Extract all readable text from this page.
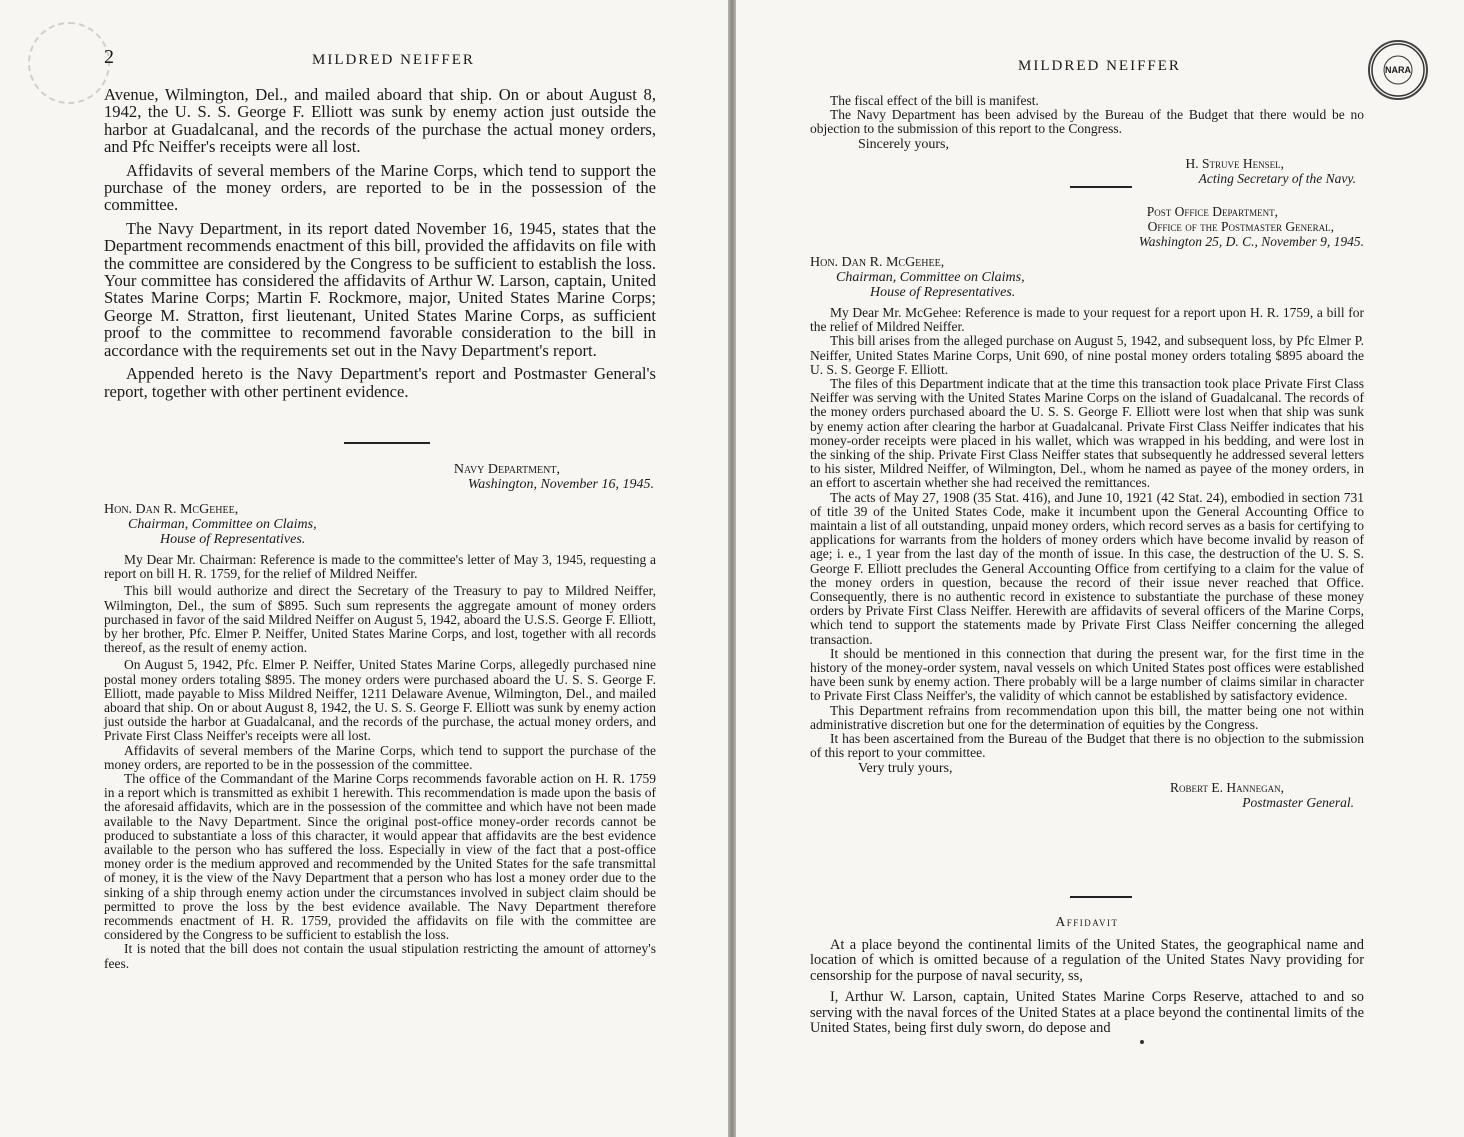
2	MILDRED NEIFFER

Avenue, Wilmington, Del., and mailed aboard that ship. On or about August 8, 1942, the U. S. S. George F. Elliott was sunk by enemy action just outside the harbor at Guadalcanal, and the records of the purchase the actual money orders, and Pfc Neiffer's receipts were all lost.

Affidavits of several members of the Marine Corps, which tend to support the purchase of the money orders, are reported to be in the possession of the committee.

The Navy Department, in its report dated November 16, 1945, states that the Department recommends enactment of this bill, provided the affidavits on file with the committee are considered by the Congress to be sufficient to establish the loss. Your committee has considered the affidavits of Arthur W. Larson, captain, United States Marine Corps; Martin F. Rockmore, major, United States Marine Corps; George M. Stratton, first lieutenant, United States Marine Corps, as sufficient proof to the committee to recommend favorable consideration to the bill in accordance with the requirements set out in the Navy Department's report.

Appended hereto is the Navy Department's report and Postmaster General's report, together with other pertinent evidence.

Navy Department,
Washington, November 16, 1945.
Hon. Dan R. McGehee,
Chairman, Committee on Claims,
House of Representatives.

My Dear Mr. Chairman: Reference is made to the committee's letter of May 3, 1945, requesting a report on bill H. R. 1759, for the relief of Mildred Neiffer.

This bill would authorize and direct the Secretary of the Treasury to pay to Mildred Neiffer, Wilmington, Del., the sum of $895. Such sum represents the aggregate amount of money orders purchased in favor of the said Mildred Neiffer on August 5, 1942, aboard the U.S.S. George F. Elliott, by her brother, Pfc. Elmer P. Neiffer, United States Marine Corps, and lost, together with all records thereof, as the result of enemy action.

On August 5, 1942, Pfc. Elmer P. Neiffer, United States Marine Corps, allegedly purchased nine postal money orders totaling $895. The money orders were purchased aboard the U. S. S. George F. Elliott, made payable to Miss Mildred Neiffer, 1211 Delaware Avenue, Wilmington, Del., and mailed aboard that ship. On or about August 8, 1942, the U. S. S. George F. Elliott was sunk by enemy action just outside the harbor at Guadalcanal, and the records of the purchase, the actual money orders, and Private First Class Neiffer's receipts were all lost.

Affidavits of several members of the Marine Corps, which tend to support the purchase of the money orders, are reported to be in the possession of the committee.

The office of the Commandant of the Marine Corps recommends favorable action on H. R. 1759 in a report which is transmitted as exhibit 1 herewith. This recommendation is made upon the basis of the aforesaid affidavits, which are in the possession of the committee and which have not been made available to the Navy Department. Since the original post-office money-order records cannot be produced to substantiate a loss of this character, it would appear that affidavits are the best evidence available to the person who has suffered the loss. Especially in view of the fact that a post-office money order is the medium approved and recommended by the United States for the safe transmittal of money, it is the view of the Navy Department that a person who has lost a money order due to the sinking of a ship through enemy action under the circumstances involved in subject claim should be permitted to prove the loss by the best evidence available. The Navy Department therefore recommends enactment of H. R. 1759, provided the affidavits on file with the committee are considered by the Congress to be sufficient to establish the loss.

It is noted that the bill does not contain the usual stipulation restricting the amount of attorney's fees.

MILDRED NEIFFER	NARA

The fiscal effect of the bill is manifest.

The Navy Department has been advised by the Bureau of the Budget that there would be no objection to the submission of this report to the Congress.

Sincerely yours,
H. Struve Hensel,
Acting Secretary of the Navy.
Post Office Department,
Office of the Postmaster General,
Washington 25, D. C., November 9, 1945.
Hon. Dan R. McGehee,
Chairman, Committee on Claims,
House of Representatives.

My Dear Mr. McGehee: Reference is made to your request for a report upon H. R. 1759, a bill for the relief of Mildred Neiffer.

This bill arises from the alleged purchase on August 5, 1942, and subsequent loss, by Pfc Elmer P. Neiffer, United States Marine Corps, Unit 690, of nine postal money orders totaling $895 aboard the U. S. S. George F. Elliott.

The files of this Department indicate that at the time this transaction took place Private First Class Neiffer was serving with the United States Marine Corps on the island of Guadalcanal. The records of the money orders purchased aboard the U. S. S. George F. Elliott were lost when that ship was sunk by enemy action after clearing the harbor at Guadalcanal. Private First Class Neiffer indicates that his money-order receipts were placed in his wallet, which was wrapped in his bedding, and were lost in the sinking of the ship. Private First Class Neiffer states that subsequently he addressed several letters to his sister, Mildred Neiffer, of Wilmington, Del., whom he named as payee of the money orders, in an effort to ascertain whether she had received the remittances.

The acts of May 27, 1908 (35 Stat. 416), and June 10, 1921 (42 Stat. 24), embodied in section 731 of title 39 of the United States Code, make it incumbent upon the General Accounting Office to maintain a list of all outstanding, unpaid money orders, which record serves as a basis for certifying to applications for warrants from the holders of money orders which have become invalid by reason of age; i. e., 1 year from the last day of the month of issue. In this case, the destruction of the U. S. S. George F. Elliott precludes the General Accounting Office from certifying to a claim for the value of the money orders in question, because the record of their issue never reached that Office. Consequently, there is no authentic record in existence to substantiate the purchase of these money orders by Private First Class Neiffer. Herewith are affidavits of several officers of the Marine Corps, which tend to support the statements made by Private First Class Neiffer concerning the alleged transaction.

It should be mentioned in this connection that during the present war, for the first time in the history of the money-order system, naval vessels on which United States post offices were established have been sunk by enemy action. There probably will be a large number of claims similar in character to Private First Class Neiffer's, the validity of which cannot be established by satisfactory evidence.

This Department refrains from recommendation upon this bill, the matter being one not within administrative discretion but one for the determination of equities by the Congress.

It has been ascertained from the Bureau of the Budget that there is no objection to the submission of this report to your committee.

Very truly yours,
Robert E. Hannegan,
Postmaster General.
Affidavit

At a place beyond the continental limits of the United States, the geographical name and location of which is omitted because of a regulation of the United States Navy providing for censorship for the purpose of naval security, ss,

I, Arthur W. Larson, captain, United States Marine Corps Reserve, attached to and so serving with the naval forces of the United States at a place beyond the continental limits of the United States, being first duly sworn, do depose and
